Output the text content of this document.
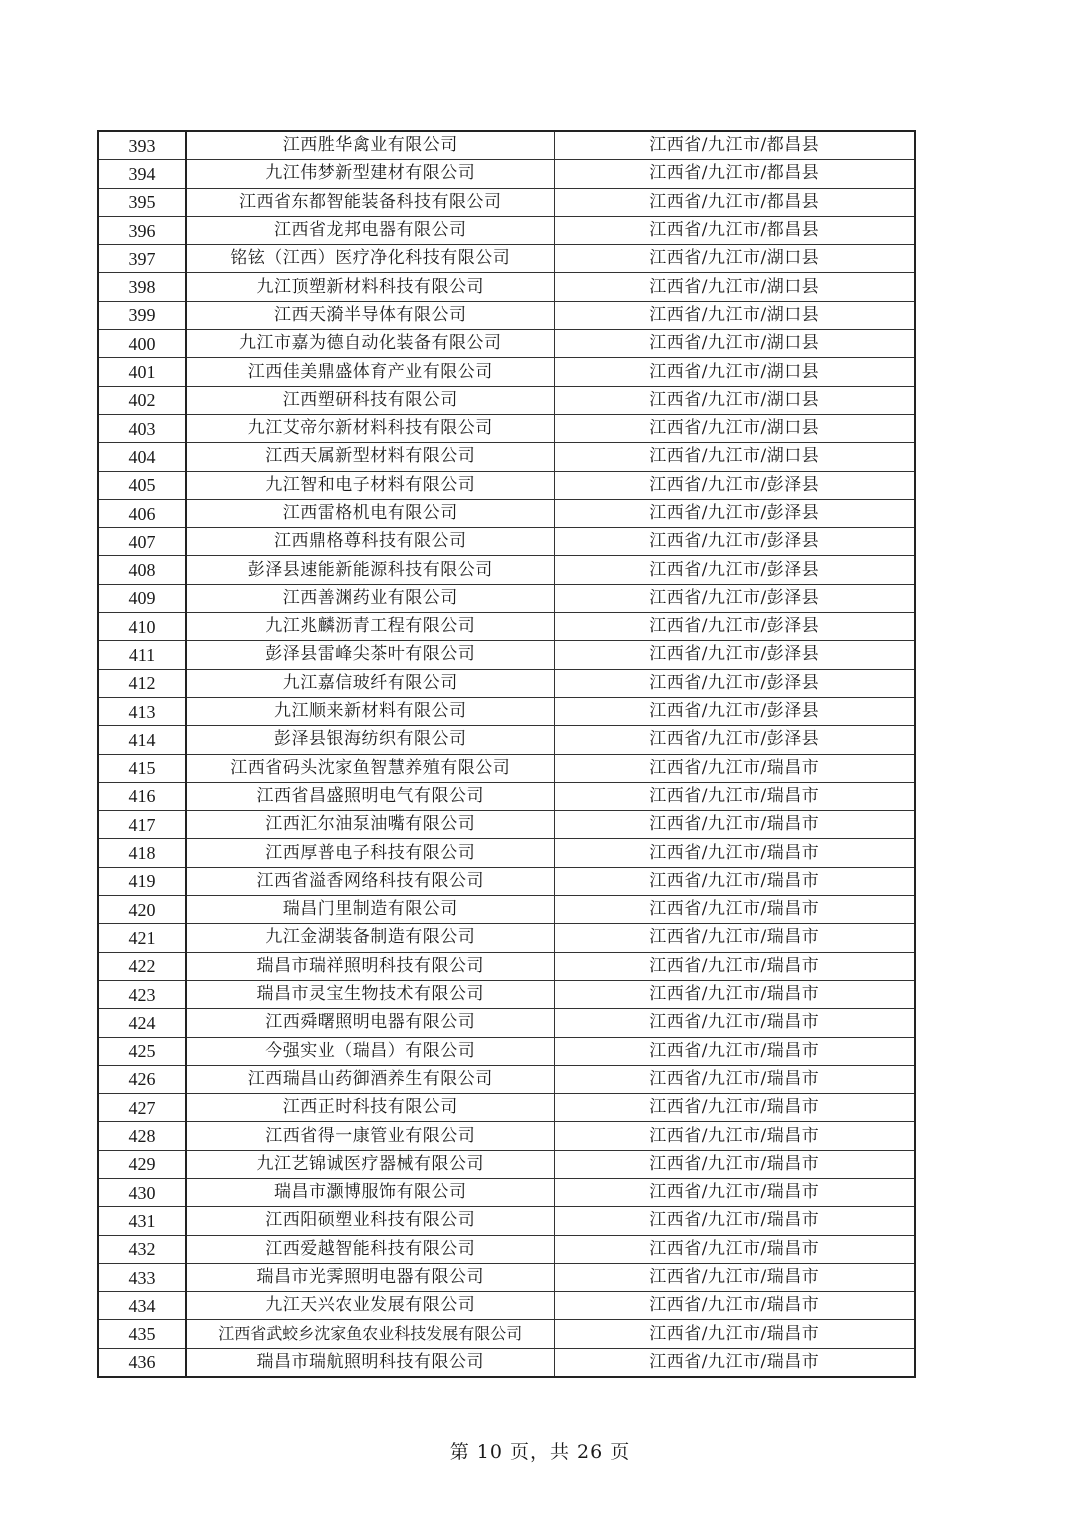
393	江西胜华禽业有限公司	江西省/九江市/都昌县
394	九江伟梦新型建材有限公司	江西省/九江市/都昌县
395	江西省东都智能装备科技有限公司	江西省/九江市/都昌县
396	江西省龙邦电器有限公司	江西省/九江市/都昌县
397	铭铉（江西）医疗净化科技有限公司	江西省/九江市/湖口县
398	九江顶塑新材料科技有限公司	江西省/九江市/湖口县
399	江西天漪半导体有限公司	江西省/九江市/湖口县
400	九江市嘉为德自动化装备有限公司	江西省/九江市/湖口县
401	江西佳美鼎盛体育产业有限公司	江西省/九江市/湖口县
402	江西塑研科技有限公司	江西省/九江市/湖口县
403	九江艾帝尔新材料科技有限公司	江西省/九江市/湖口县
404	江西天属新型材料有限公司	江西省/九江市/湖口县
405	九江智和电子材料有限公司	江西省/九江市/彭泽县
406	江西雷格机电有限公司	江西省/九江市/彭泽县
407	江西鼎格尊科技有限公司	江西省/九江市/彭泽县
408	彭泽县速能新能源科技有限公司	江西省/九江市/彭泽县
409	江西善渊药业有限公司	江西省/九江市/彭泽县
410	九江兆麟沥青工程有限公司	江西省/九江市/彭泽县
411	彭泽县雷峰尖茶叶有限公司	江西省/九江市/彭泽县
412	九江嘉信玻纤有限公司	江西省/九江市/彭泽县
413	九江顺来新材料有限公司	江西省/九江市/彭泽县
414	彭泽县银海纺织有限公司	江西省/九江市/彭泽县
415	江西省码头沈家鱼智慧养殖有限公司	江西省/九江市/瑞昌市
416	江西省昌盛照明电气有限公司	江西省/九江市/瑞昌市
417	江西汇尔油泵油嘴有限公司	江西省/九江市/瑞昌市
418	江西厚普电子科技有限公司	江西省/九江市/瑞昌市
419	江西省溢香网络科技有限公司	江西省/九江市/瑞昌市
420	瑞昌门里制造有限公司	江西省/九江市/瑞昌市
421	九江金湖装备制造有限公司	江西省/九江市/瑞昌市
422	瑞昌市瑞祥照明科技有限公司	江西省/九江市/瑞昌市
423	瑞昌市灵宝生物技术有限公司	江西省/九江市/瑞昌市
424	江西舜曙照明电器有限公司	江西省/九江市/瑞昌市
425	今强实业（瑞昌）有限公司	江西省/九江市/瑞昌市
426	江西瑞昌山药御酒养生有限公司	江西省/九江市/瑞昌市
427	江西正时科技有限公司	江西省/九江市/瑞昌市
428	江西省得一康管业有限公司	江西省/九江市/瑞昌市
429	九江艺锦诚医疗器械有限公司	江西省/九江市/瑞昌市
430	瑞昌市灏博服饰有限公司	江西省/九江市/瑞昌市
431	江西阳硕塑业科技有限公司	江西省/九江市/瑞昌市
432	江西爱越智能科技有限公司	江西省/九江市/瑞昌市
433	瑞昌市光霁照明电器有限公司	江西省/九江市/瑞昌市
434	九江天兴农业发展有限公司	江西省/九江市/瑞昌市
435	江西省武蛟乡沈家鱼农业科技发展有限公司	江西省/九江市/瑞昌市
436	瑞昌市瑞航照明科技有限公司	江西省/九江市/瑞昌市
第 10 页，共 26 页
